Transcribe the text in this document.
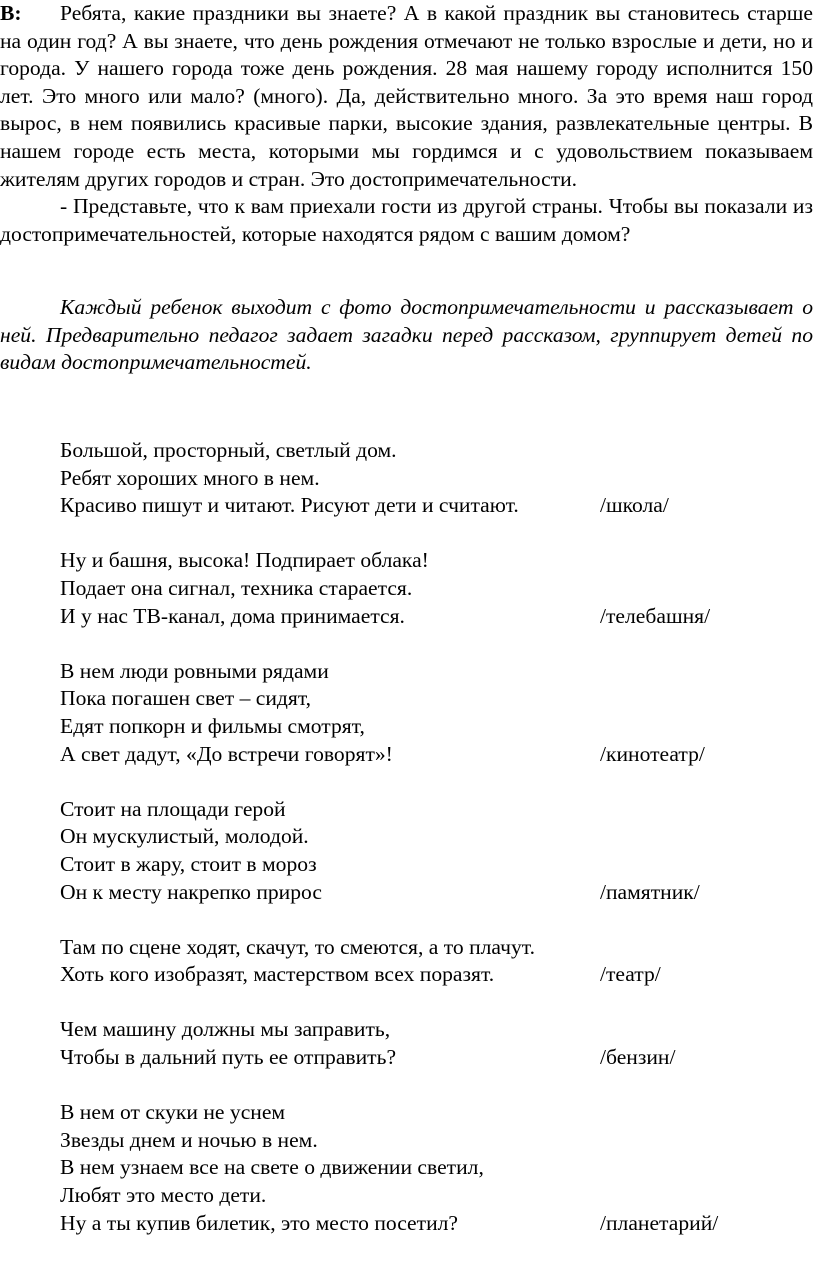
В: Ребята, какие праздники вы знаете? А в какой праздник вы становитесь старше на один год? А вы знаете, что день рождения отмечают не только взрослые и дети, но и города. У нашего города тоже день рождения. 28 мая нашему городу исполнится 150 лет. Это много или мало? (много). Да, действительно много. За это время наш город вырос, в нем появились красивые парки, высокие здания, развлекательные центры. В нашем городе есть места, которыми мы гордимся и с удовольствием показываем жителям других городов и стран. Это достопримечательности.

- Представьте, что к вам приехали гости из другой страны. Чтобы вы показали из достопримечательностей, которые находятся рядом с вашим домом?

Каждый ребенок выходит с фото достопримечательности и рассказывает о ней. Предварительно педагог задает загадки перед рассказом, группирует детей по видам достопримечательностей.

Большой, просторный, светлый дом.
Ребят хороших много в нем.
Красиво пишут и читают. Рисуют дети и считают.	/школа/
Ну и башня, высока! Подпирает облака!
Подает она сигнал, техника старается.
И у нас ТВ-канал, дома принимается.	/телебашня/
В нем люди ровными рядами
Пока погашен свет – сидят,
Едят попкорн и фильмы смотрят,
А свет дадут, «До встречи говорят»!	/кинотеатр/
Стоит на площади герой
Он мускулистый, молодой.
Стоит в жару, стоит в мороз
Он к месту накрепко прирос	/памятник/
Там по сцене ходят, скачут, то смеются, а то плачут.
Хоть кого изобразят, мастерством всех поразят.	/театр/
Чем машину должны мы заправить,
Чтобы в дальний путь ее отправить?	/бензин/
В нем от скуки не уснем
Звезды днем и ночью в нем.
В нем узнаем все на свете о движении светил,
Любят это место дети.
Ну а ты купив билетик, это место посетил?	/планетарий/
